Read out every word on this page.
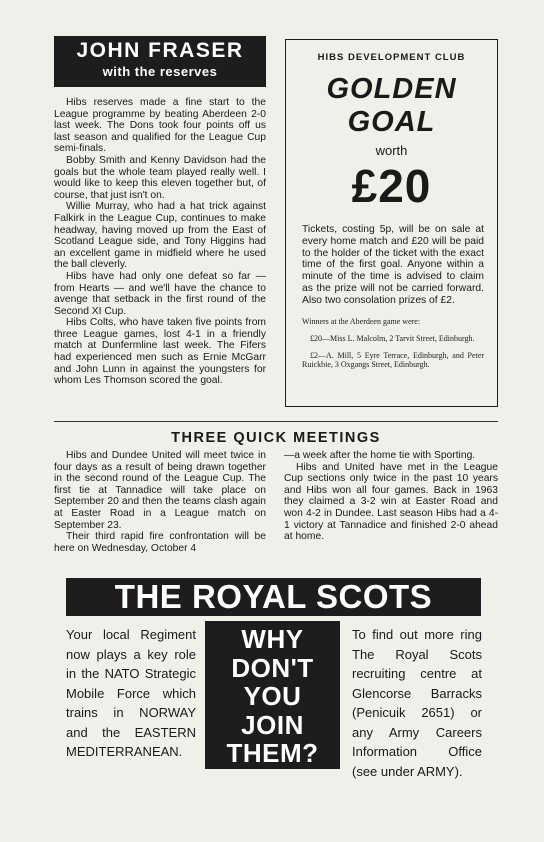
JOHN FRASER
with the reserves

Hibs reserves made a fine start to the League programme by beating Aberdeen 2-0 last week. The Dons took four points off us last season and qualified for the League Cup semi-finals.

Bobby Smith and Kenny Davidson had the goals but the whole team played really well. I would like to keep this eleven together but, of course, that just isn't on.

Willie Murray, who had a hat trick against Falkirk in the League Cup, continues to make headway, having moved up from the East of Scotland League side, and Tony Higgins had an excellent game in midfield where he used the ball cleverly.

Hibs have had only one defeat so far — from Hearts — and we'll have the chance to avenge that setback in the first round of the Second XI Cup.

Hibs Colts, who have taken five points from three League games, lost 4-1 in a friendly match at Dunfermline last week. The Fifers had experienced men such as Ernie McGarr and John Lunn in against the youngsters for whom Les Thomson scored the goal.

HIBS DEVELOPMENT CLUB
GOLDEN
GOAL
worth
£20

Tickets, costing 5p, will be on sale at every home match and £20 will be paid to the holder of the ticket with the exact time of the first goal. Anyone within a minute of the time is advised to claim as the prize will not be carried forward. Also two consolation prizes of £2.

Winners at the Aberdeen game were:

£20—Miss L. Malcolm, 2 Tarvit Street, Edinburgh.

£2—A. Mill, 5 Eyre Terrace, Edinburgh, and Peter Ruickbie, 3 Oxgangs Street, Edinburgh.

THREE QUICK MEETINGS

Hibs and Dundee United will meet twice in four days as a result of being drawn together in the second round of the League Cup. The first tie at Tannadice will take place on September 20 and then the teams clash again at Easter Road in a League match on September 23.

Their third rapid fire confrontation will be here on Wednesday, October 4

—a week after the home tie with Sporting.

Hibs and United have met in the League Cup sections only twice in the past 10 years and Hibs won all four games. Back in 1963 they claimed a 3-2 win at Easter Road and won 4-2 in Dundee. Last season Hibs had a 4-1 victory at Tannadice and finished 2-0 ahead at home.

THE ROYAL SCOTS

Your local Regiment now plays a key role in the NATO Strategic Mobile Force which trains in NORWAY and the EASTERN MEDITERRANEAN.

WHY
DON'T
YOU
JOIN
THEM?

To find out more ring The Royal Scots recruiting centre at Glencorse Barracks (Penicuik 2651) or any Army Careers Information Office (see under ARMY).
